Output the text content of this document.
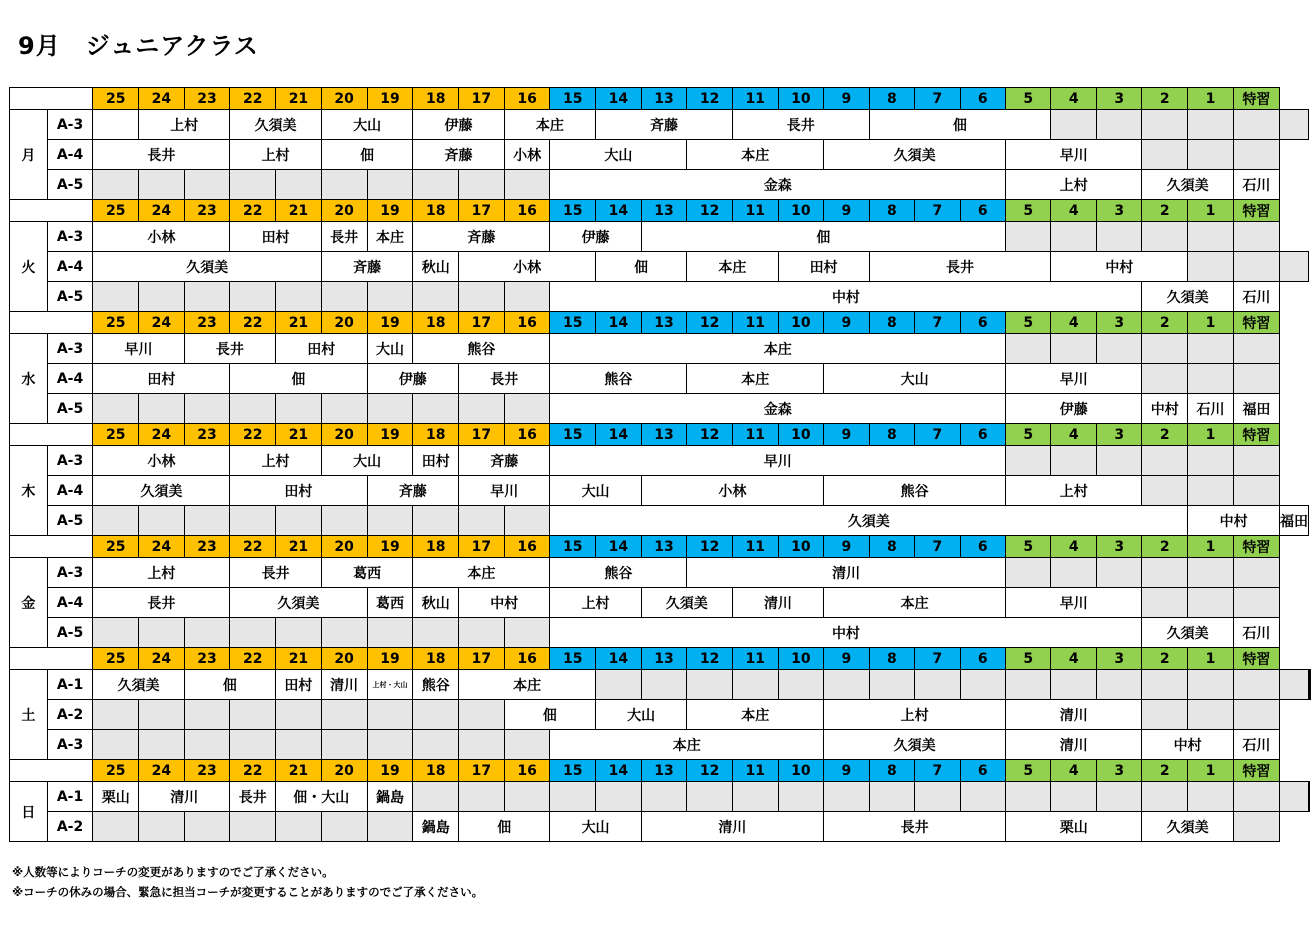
9月　ジュニアクラス
		25	24	23	22	21	20	19	18	17	16	15	14	13	12	11	10	9	8	7	6	5	4	3	2	1	特習		
月	A-3		上村		久須美		大山		伊藤		本庄		斉藤			長井			佃										
	A-4	長井			上村		佃		斉藤		小林	大山			本庄			久須美				早川							
	A-5											金森										上村			久須美		石川		
		25	24	23	22	21	20	19	18	17	16	15	14	13	12	11	10	9	8	7	6	5	4	3	2	1	特習		
火	A-3	小林			田村		長井	本庄	斉藤			伊藤		佃															
	A-4	久須美					斉藤		秋山	小林			佃		本庄		田村		長井				中村						
	A-5											中村													久須美		石川		
		25	24	23	22	21	20	19	18	17	16	15	14	13	12	11	10	9	8	7	6	5	4	3	2	1	特習		
水	A-3	早川		長井		田村		大山	熊谷			本庄																	
	A-4	田村			佃			伊藤		長井		熊谷			本庄			大山				早川							
	A-5											金森										伊藤			中村	石川	福田		
		25	24	23	22	21	20	19	18	17	16	15	14	13	12	11	10	9	8	7	6	5	4	3	2	1	特習		
木	A-3	小林			上村		大山		田村	斉藤		早川																	
	A-4	久須美			田村			斉藤		早川		大山		小林				熊谷				上村							
	A-5											久須美														中村		福田	
		25	24	23	22	21	20	19	18	17	16	15	14	13	12	11	10	9	8	7	6	5	4	3	2	1	特習		
金	A-3	上村			長井		葛西		本庄			熊谷			清川														
	A-4	長井			久須美			葛西	秋山	中村		上村		久須美		清川		本庄				早川							
	A-5											中村													久須美		石川		
		25	24	23	22	21	20	19	18	17	16	15	14	13	12	11	10	9	8	7	6	5	4	3	2	1	特習		
土	A-1	久須美		佃		田村	清川	上村・大山	熊谷	本庄																			
	A-2										佃		大山		本庄			上村				清川							
	A-3											本庄						久須美				清川			中村		石川		
		25	24	23	22	21	20	19	18	17	16	15	14	13	12	11	10	9	8	7	6	5	4	3	2	1	特習		
日	A-1	栗山	清川		長井	佃・大山		鍋島																					
	A-2								鍋島	佃		大山		清川				長井				栗山			久須美				
※人数等によりコーチの変更がありますのでご了承ください。
※コーチの休みの場合、緊急に担当コーチが変更することがありますのでご了承ください。
